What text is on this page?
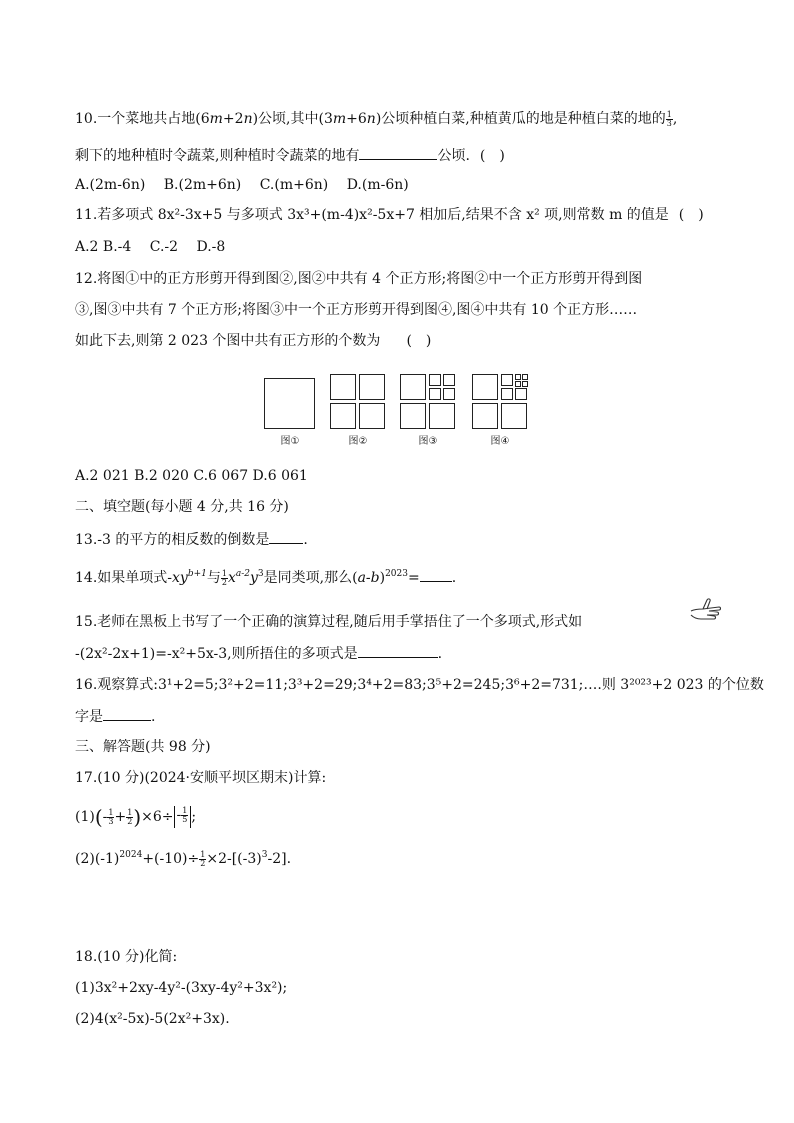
10.一个菜地共占地(6m+2n)公顷,其中(3m+6n)公顷种植白菜,种植黄瓜的地是种植白菜的地的 $\frac{1}{3}$ ,
剩下的地种植时令蔬菜,则种植时令蔬菜的地有	公顷. ( )
A.(2m-6n)  B.(2m+6n)  C.(m+6n)  D.(m-6n)
11.若多项式 8x²-3x+5 与多项式 3x³+(m-4)x²-5x+7 相加后,结果不含 x² 项,则常数 m 的值是 ( )
A.2 B.-4  C.-2  D.-8
12.将图①中的正方形剪开得到图②,图②中共有 4 个正方形;将图②中一个正方形剪开得到图
③,图③中共有 7 个正方形;将图③中一个正方形剪开得到图④,图④中共有 10 个正方形……
如此下去,则第 2 023 个图中共有正方形的个数为 ( )
图①	图②	图③	图④
A.2 021 B.2 020 C.6 067 D.6 061
二、填空题(每小题 4 分,共 16 分)
13.-3 的平方的相反数的倒数是 .
14.如果单项式$-xy^{b+1}$与 $\frac{1}{2} x^{a-2}y^3$是同类项,那么$(a-b)^{2023}=$ .
15.老师在黑板上书写了一个正确的演算过程,随后用手掌捂住了一个多项式,形式如
-(2x²-2x+1)=-x²+5x-3,则所捂住的多项式是	.
16.观察算式:3¹+2=5;3²+2=11;3³+2=29;3⁴+2=83;3⁵+2=245;3⁶+2=731;….则 3²⁰²³+2 023 的个位数
字是	.
三、解答题(共 98 分)
17.(10 分)(2024·安顺平坝区期末)计算:
$(1)(- \frac{1}{3} + \frac{1}{2} )\times 6\div - \frac{1}{5}$ ;
$(2)(-1)^{2024}+(-10)\div \frac{1}{2} \times 2-[(-3)^3-2]$.
18.(10 分)化简:
(1)3x²+2xy-4y²-(3xy-4y²+3x²);
(2)4(x²-5x)-5(2x²+3x).
